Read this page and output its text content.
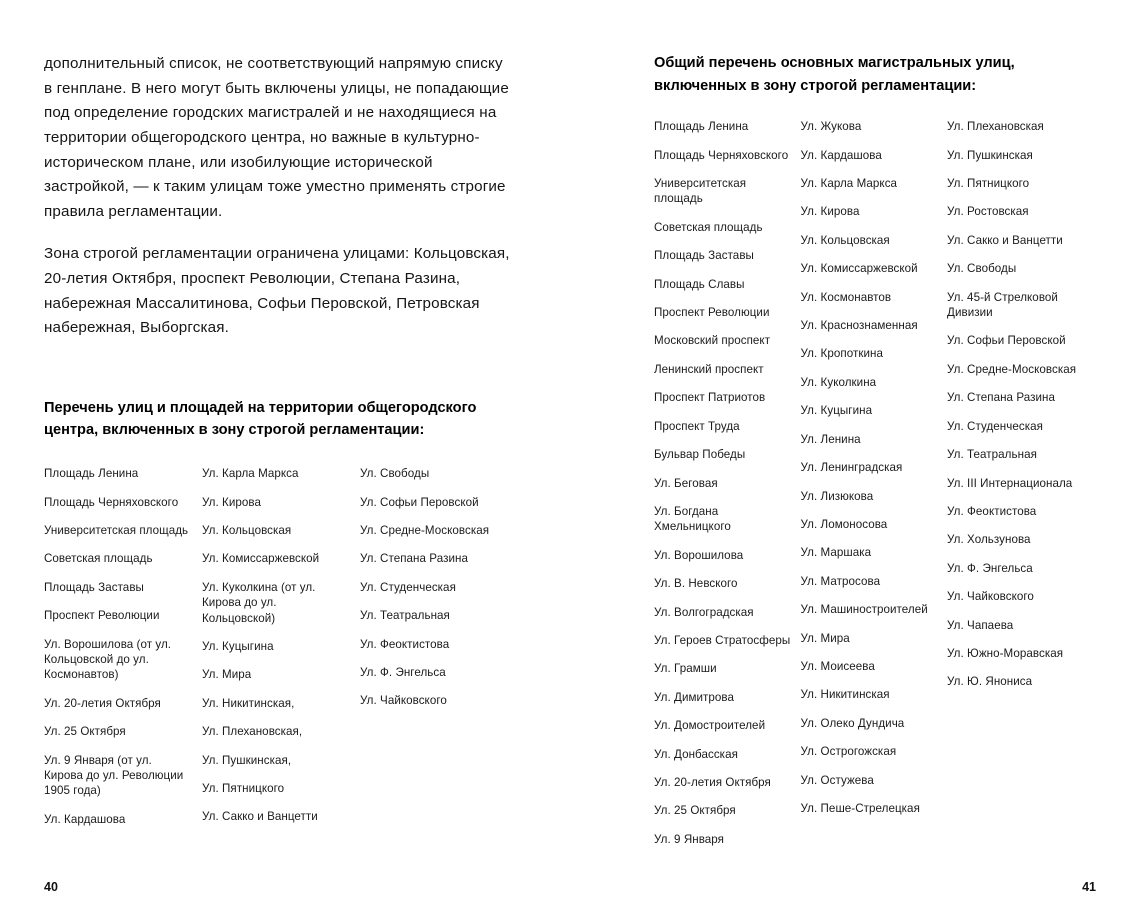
дополнительный список, не соответствующий напрямую списку в генплане. В него могут быть включены улицы, не попадающие под определение городских магистралей и не находящиеся на территории общегородского центра, но важные в культурно-историческом плане, или изобилующие исторической застройкой, — к таким улицам тоже уместно применять строгие правила регламентации.

Зона строгой регламентации ограничена улицами: Кольцовская, 20-летия Октября, проспект Революции, Степана Разина, набережная Массалитинова, Софьи Перовской, Петровская набережная, Выборгская.

Перечень улиц и площадей на территории общегородского центра, включенных в зону строгой регламентации:
Площадь Ленина
Площадь Черняховского
Университетская площадь
Советская площадь
Площадь Заставы
Проспект Революции
Ул. Ворошилова (от ул. Кольцовской до ул. Космонавтов)
Ул. 20-летия Октября
Ул. 25 Октября
Ул. 9 Января (от ул. Кирова до ул. Революции 1905 года)
Ул. Кардашова
Ул. Карла Маркса
Ул. Кирова
Ул. Кольцовская
Ул. Комиссаржевской
Ул. Куколкина (от ул. Кирова до ул. Кольцовской)
Ул. Куцыгина
Ул. Мира
Ул. Никитинская,
Ул. Плехановская,
Ул. Пушкинская,
Ул. Пятницкого
Ул. Сакко и Ванцетти
Ул. Свободы
Ул. Софьи Перовской
Ул. Средне-Московская
Ул. Степана Разина
Ул. Студенческая
Ул. Театральная
Ул. Феоктистова
Ул. Ф. Энгельса
Ул. Чайковского
40
Общий перечень основных магистральных улиц, включенных в зону строгой регламентации:
Площадь Ленина
Площадь Черняховского
Университетская площадь
Советская площадь
Площадь Заставы
Площадь Славы
Проспект Революции
Московский проспект
Ленинский проспект
Проспект Патриотов
Проспект Труда
Бульвар Победы
Ул. Беговая
Ул. Богдана Хмельницкого
Ул. Ворошилова
Ул. В. Невского
Ул. Волгоградская
Ул. Героев Стратосферы
Ул. Грамши
Ул. Димитрова
Ул. Домостроителей
Ул. Донбасская
Ул. 20-летия Октября
Ул. 25 Октября
Ул. 9 Января
Ул. Жукова
Ул. Кардашова
Ул. Карла Маркса
Ул. Кирова
Ул. Кольцовская
Ул. Комиссаржевской
Ул. Космонавтов
Ул. Краснознаменная
Ул. Кропоткина
Ул. Куколкина
Ул. Куцыгина
Ул. Ленина
Ул. Ленинградская
Ул. Лизюкова
Ул. Ломоносова
Ул. Маршака
Ул. Матросова
Ул. Машиностроителей
Ул. Мира
Ул. Моисеева
Ул. Никитинская
Ул. Олеко Дундича
Ул. Острогожская
Ул. Остужева
Ул. Пеше-Стрелецкая
Ул. Плехановская
Ул. Пушкинская
Ул. Пятницкого
Ул. Ростовская
Ул. Сакко и Ванцетти
Ул. Свободы
Ул. 45-й Стрелковой Дивизии
Ул. Софьи Перовской
Ул. Средне-Московская
Ул. Степана Разина
Ул. Студенческая
Ул. Театральная
Ул. III Интернационала
Ул. Феоктистова
Ул. Хользунова
Ул. Ф. Энгельса
Ул. Чайковского
Ул. Чапаева
Ул. Южно-Моравская
Ул. Ю. Янониса
41
